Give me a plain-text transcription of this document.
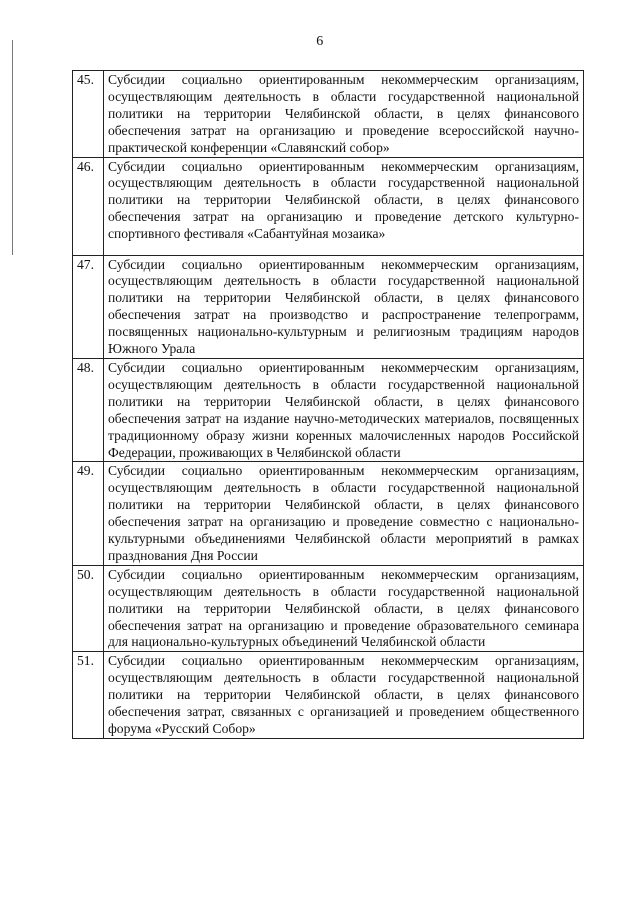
6
45.	Субсидии социально ориентированным некоммерческим организациям, осуществляющим деятельность в области государственной национальной политики на территории Челябинской области, в целях финансового обеспечения затрат на организацию и проведение всероссийской научно-практической конференции «Славянский собор»
46.	Субсидии социально ориентированным некоммерческим организациям, осуществляющим деятельность в области государственной национальной политики на территории Челябинской области, в целях финансового обеспечения затрат на организацию и проведение детского культурно-спортивного фестиваля «Сабантуйная мозаика»
47.	Субсидии социально ориентированным некоммерческим организациям, осуществляющим деятельность в области государственной национальной политики на территории Челябинской области, в целях финансового обеспечения затрат на производство и распространение телепрограмм, посвященных национально-культурным и религиозным традициям народов Южного Урала
48.	Субсидии социально ориентированным некоммерческим организациям, осуществляющим деятельность в области государственной национальной политики на территории Челябинской области, в целях финансового обеспечения затрат на издание научно-методических материалов, посвященных традиционному образу жизни коренных малочисленных народов Российской Федерации, проживающих в Челябинской области
49.	Субсидии социально ориентированным некоммерческим организациям, осуществляющим деятельность в области государственной национальной политики на территории Челябинской области, в целях финансового обеспечения затрат на организацию и проведение совместно с национально-культурными объединениями Челябинской области мероприятий в рамках празднования Дня России
50.	Субсидии социально ориентированным некоммерческим организациям, осуществляющим деятельность в области государственной национальной политики на территории Челябинской области, в целях финансового обеспечения затрат на организацию и проведение образовательного семинара для национально-культурных объединений Челябинской области
51.	Субсидии социально ориентированным некоммерческим организациям, осуществляющим деятельность в области государственной национальной политики на территории Челябинской области, в целях финансового обеспечения затрат, связанных с организацией и проведением общественного форума «Русский Собор»
